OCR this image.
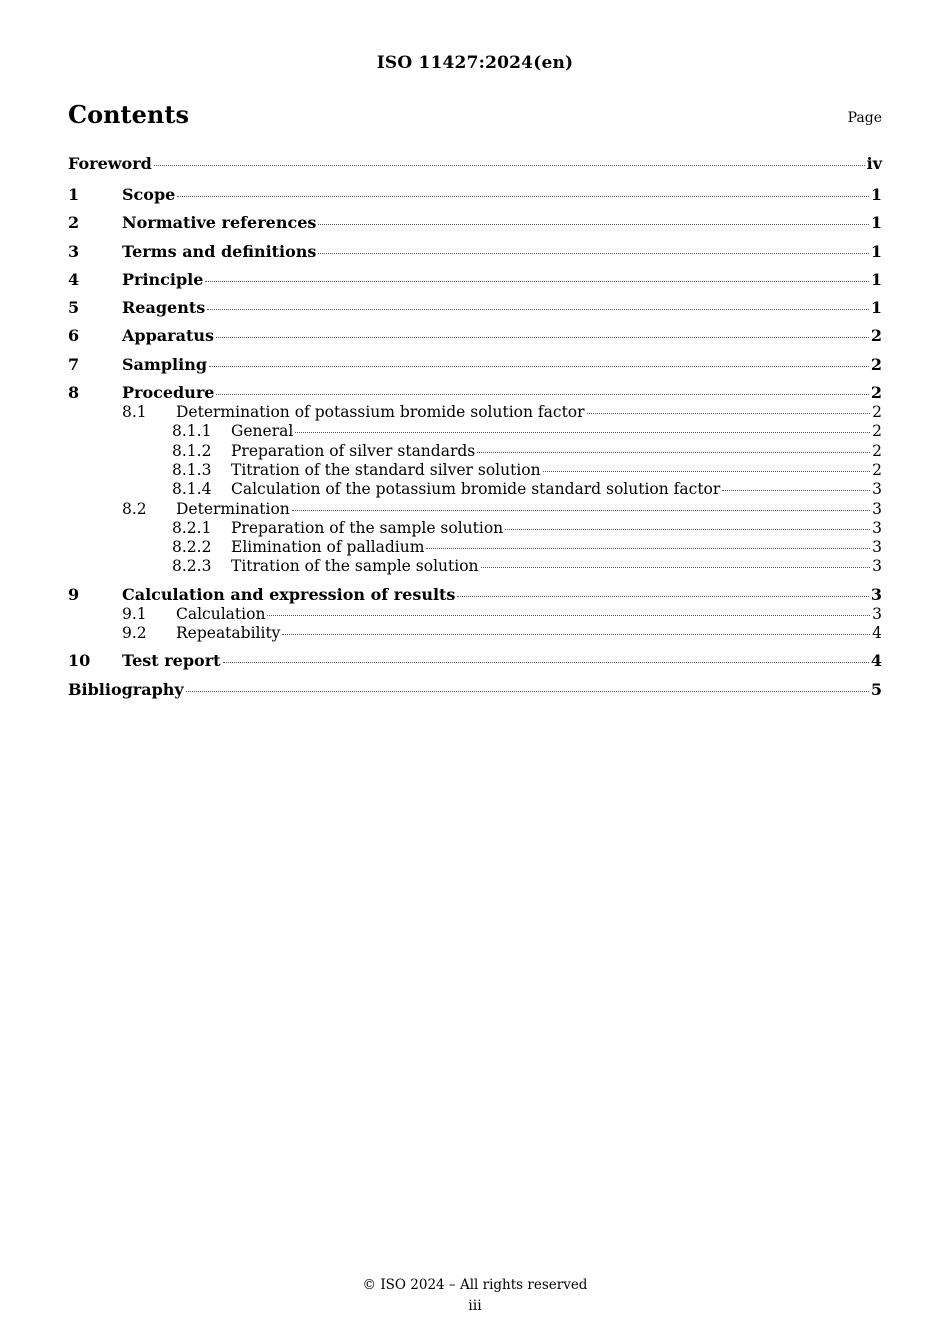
ISO 11427:2024(en)
Contents	Page
Foreword	iv
1	Scope	1
2	Normative references	1
3	Terms and definitions	1
4	Principle	1
5	Reagents	1
6	Apparatus	2
7	Sampling	2
8	Procedure	2
8.1	Determination of potassium bromide solution factor	2
8.1.1	General	2
8.1.2	Preparation of silver standards	2
8.1.3	Titration of the standard silver solution	2
8.1.4	Calculation of the potassium bromide standard solution factor	3
8.2	Determination	3
8.2.1	Preparation of the sample solution	3
8.2.2	Elimination of palladium	3
8.2.3	Titration of the sample solution	3
9	Calculation and expression of results	3
9.1	Calculation	3
9.2	Repeatability	4
10	Test report	4
Bibliography	5
© ISO 2024 – All rights reserved
iii
